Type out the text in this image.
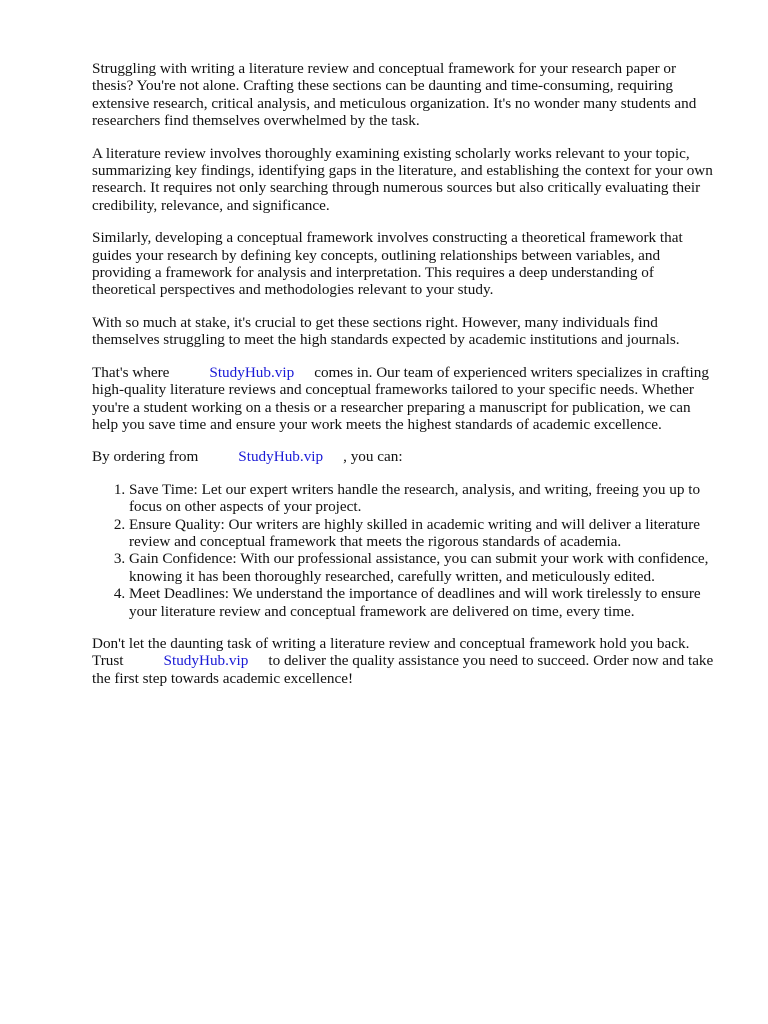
Struggling with writing a literature review and conceptual framework for your research paper or thesis? You're not alone. Crafting these sections can be daunting and time-consuming, requiring extensive research, critical analysis, and meticulous organization. It's no wonder many students and researchers find themselves overwhelmed by the task.

A literature review involves thoroughly examining existing scholarly works relevant to your topic, summarizing key findings, identifying gaps in the literature, and establishing the context for your own research. It requires not only searching through numerous sources but also critically evaluating their credibility, relevance, and significance.

Similarly, developing a conceptual framework involves constructing a theoretical framework that guides your research by defining key concepts, outlining relationships between variables, and providing a framework for analysis and interpretation. This requires a deep understanding of theoretical perspectives and methodologies relevant to your study.

With so much at stake, it's crucial to get these sections right. However, many individuals find themselves struggling to meet the high standards expected by academic institutions and journals.

That's where	StudyHub.vip comes in. Our team of experienced writers specializes in crafting high-quality literature reviews and conceptual frameworks tailored to your specific needs. Whether you're a student working on a thesis or a researcher preparing a manuscript for publication, we can help you save time and ensure your work meets the highest standards of academic excellence.

By ordering from	StudyHub.vip , you can:

1. Save Time: Let our expert writers handle the research, analysis, and writing, freeing you up to focus on other aspects of your project.
2. Ensure Quality: Our writers are highly skilled in academic writing and will deliver a literature review and conceptual framework that meets the rigorous standards of academia.
3. Gain Confidence: With our professional assistance, you can submit your work with confidence, knowing it has been thoroughly researched, carefully written, and meticulously edited.
4. Meet Deadlines: We understand the importance of deadlines and will work tirelessly to ensure your literature review and conceptual framework are delivered on time, every time.

Don't let the daunting task of writing a literature review and conceptual framework hold you back. Trust	StudyHub.vip to deliver the quality assistance you need to succeed. Order now and take the first step towards academic excellence!
